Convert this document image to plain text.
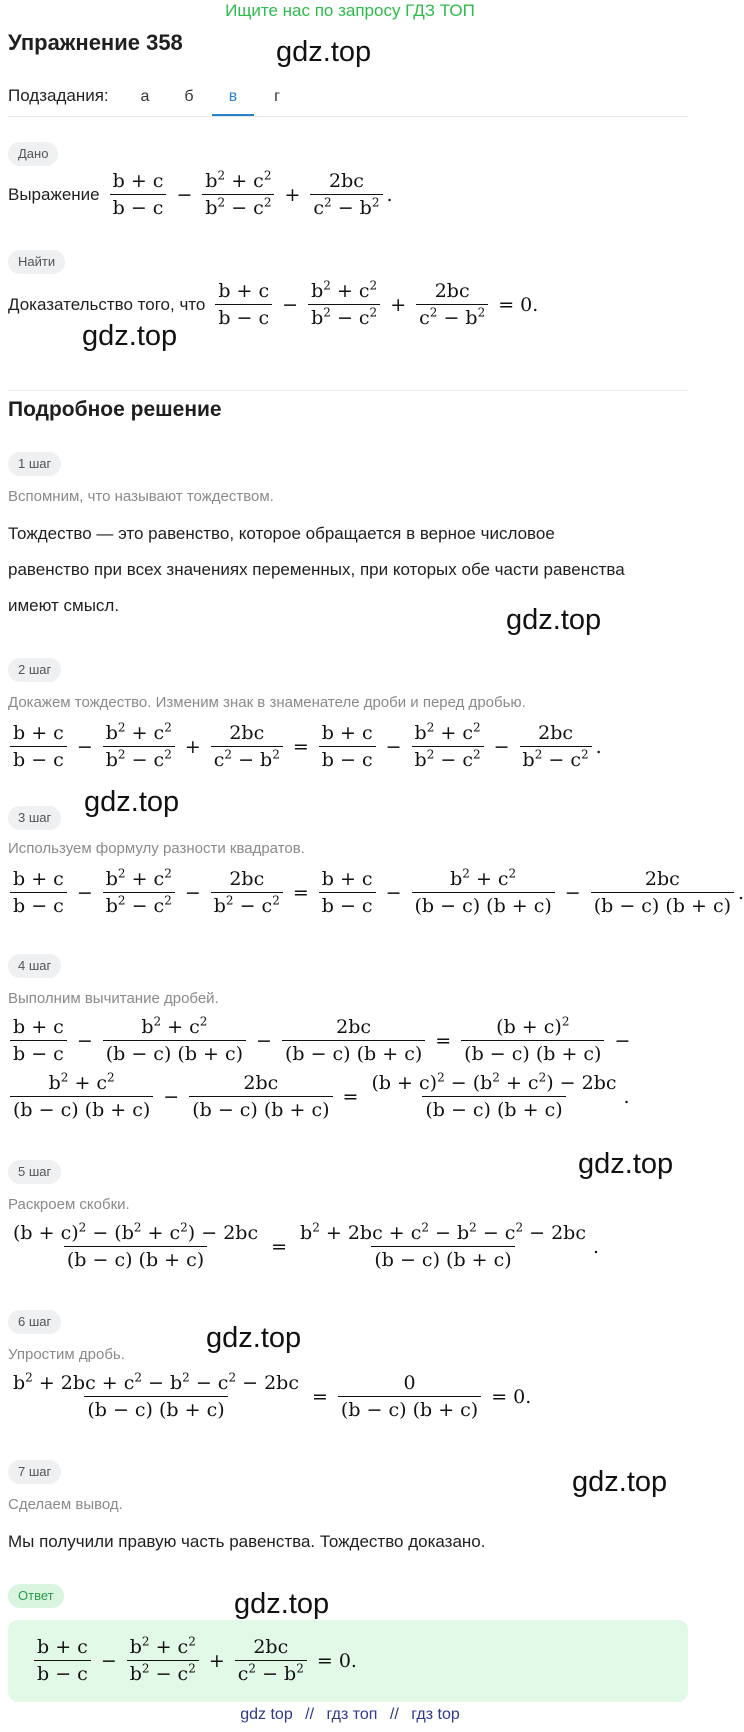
Ищите нас по запросу ГДЗ ТОП
Упражнение 358	gdz.top
Подзадания:	а	б	в	г
Дано
Выражение $\frac{b + c}{b - c} - \frac{b^2 + c^2}{b^2 - c^2} + \frac{2bc}{c^2 - b^2}$ .
Найти
Доказательство того, что $\frac{b + c}{b - c} - \frac{b^2 + c^2}{b^2 - c^2} + \frac{2bc}{c^2 - b^2} = 0$.
gdz.top
Подробное решение
1 шаг
Вспомним, что называют тождеством.
Тождество — это равенство, которое обращается в верное числовое
равенство при всех значениях переменных, при которых обе части равенства
имеют смысл.	gdz.top
2 шаг
Докажем тождество. Изменим знак в знаменателе дроби и перед дробью.
$\frac{b + c}{b - c} - \frac{b^2 + c^2}{b^2 - c^2} + \frac{2bc}{c^2 - b^2} = \frac{b + c}{b - c} - \frac{b^2 + c^2}{b^2 - c^2} - \frac{2bc}{b^2 - c^2}$ .
gdz.top
3 шаг
Используем формулу разности квадратов.
$\frac{b + c}{b - c} - \frac{b^2 + c^2}{b^2 - c^2} - \frac{2bc}{b^2 - c^2} = \frac{b + c}{b - c} - \frac{b^2 + c^2}{(b - c) (b + c)} - \frac{2bc}{(b - c) (b + c)}$ .
4 шаг
Выполним вычитание дробей.
$\frac{b + c}{b - c} - \frac{b^2 + c^2}{(b - c) (b + c)} - \frac{2bc}{(b - c) (b + c)} = \frac{(b + c)^2}{(b - c) (b + c)}$ −
$\frac{b^2 + c^2}{(b - c) (b + c)} - \frac{2bc}{(b - c) (b + c)} = \frac{(b + c)^2 - (b^2 + c^2) - 2bc}{(b - c) (b + c)}$ .
gdz.top
5 шаг
Раскроем скобки.
$\frac{(b + c)^2 - (b^2 + c^2) - 2bc}{(b - c) (b + c)} = \frac{b^2 + 2bc + c^2 - b^2 - c^2 - 2bc}{(b - c) (b + c)}$ .
6 шаг
gdz.top
Упростим дробь.
$\frac{b^2 + 2bc + c^2 - b^2 - c^2 - 2bc}{(b - c) (b + c)} = \frac{0}{(b - c) (b + c)} = 0$.
7 шаг	gdz.top
Сделаем вывод.
Мы получили правую часть равенства. Тождество доказано.
Ответ	gdz.top
$\frac{b + c}{b - c} - \frac{b^2 + c^2}{b^2 - c^2} + \frac{2bc}{c^2 - b^2} = 0$.
gdz top // гдз топ // гдз top
